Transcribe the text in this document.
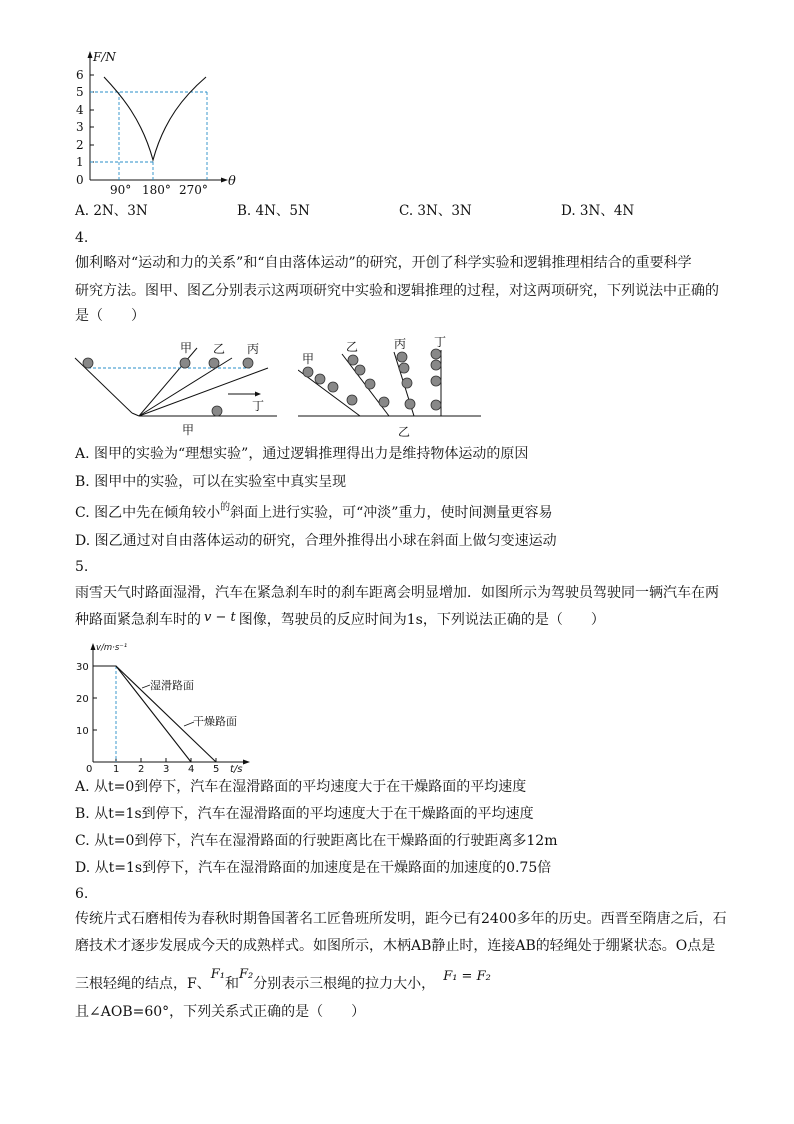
F/N
6
5
4
3
2
1
0
90° 180° 270°
θ
A. 2N、3N	B. 4N、5N	C. 3N、3N	D. 3N、4N
4.
伽利略对“运动和力的关系”和“自由落体运动”的研究，开创了科学实验和逻辑推理相结合的重要科学
研究方法。图甲、图乙分别表示这两项研究中实验和逻辑推理的过程，对这两项研究，下列说法中正确的
是（　　）
甲 乙 丙
丁
甲
甲
乙	丙 丁
乙
A. 图甲的实验为“理想实验”，通过逻辑推理得出力是维持物体运动的原因
B. 图甲中的实验，可以在实验室中真实呈现
C. 图乙中先在倾角较小$^的$斜面上进行实验，可“冲淡”重力，使时间测量更容易
D. 图乙通过对自由落体运动的研究，合理外推得出小球在斜面上做匀变速运动
5.
雨雪天气时路面湿滑，汽车在紧急刹车时的刹车距离会明显增加．如图所示为驾驶员驾驶同一辆汽车在两
种路面紧急刹车时的 v − t 图像，驾驶员的反应时间为1s，下列说法正确的是（　　）
v/m·s⁻¹
30
20
10
0 1 2 3 4 5 t/s
湿滑路面
干燥路面
A. 从t=0到停下，汽车在湿滑路面的平均速度大于在干燥路面的平均速度
B. 从t=1s到停下，汽车在湿滑路面的平均速度大于在干燥路面的平均速度
C. 从t=0到停下，汽车在湿滑路面的行驶距离比在干燥路面的行驶距离多12m
D. 从t=1s到停下，汽车在湿滑路面的加速度是在干燥路面的加速度的0.75倍
6.
传统片式石磨相传为春秋时期鲁国著名工匠鲁班所发明，距今已有2400多年的历史。西晋至隋唐之后，石
磨技术才逐步发展成今天的成熟样式。如图所示，木柄AB静止时，连接AB的轻绳处于绷紧状态。O点是
三根轻绳的结点，F、F₁和F₂分别表示三根绳的拉力大小， F₁ = F₂
且∠AOB=60°，下列关系式正确的是（　　）
